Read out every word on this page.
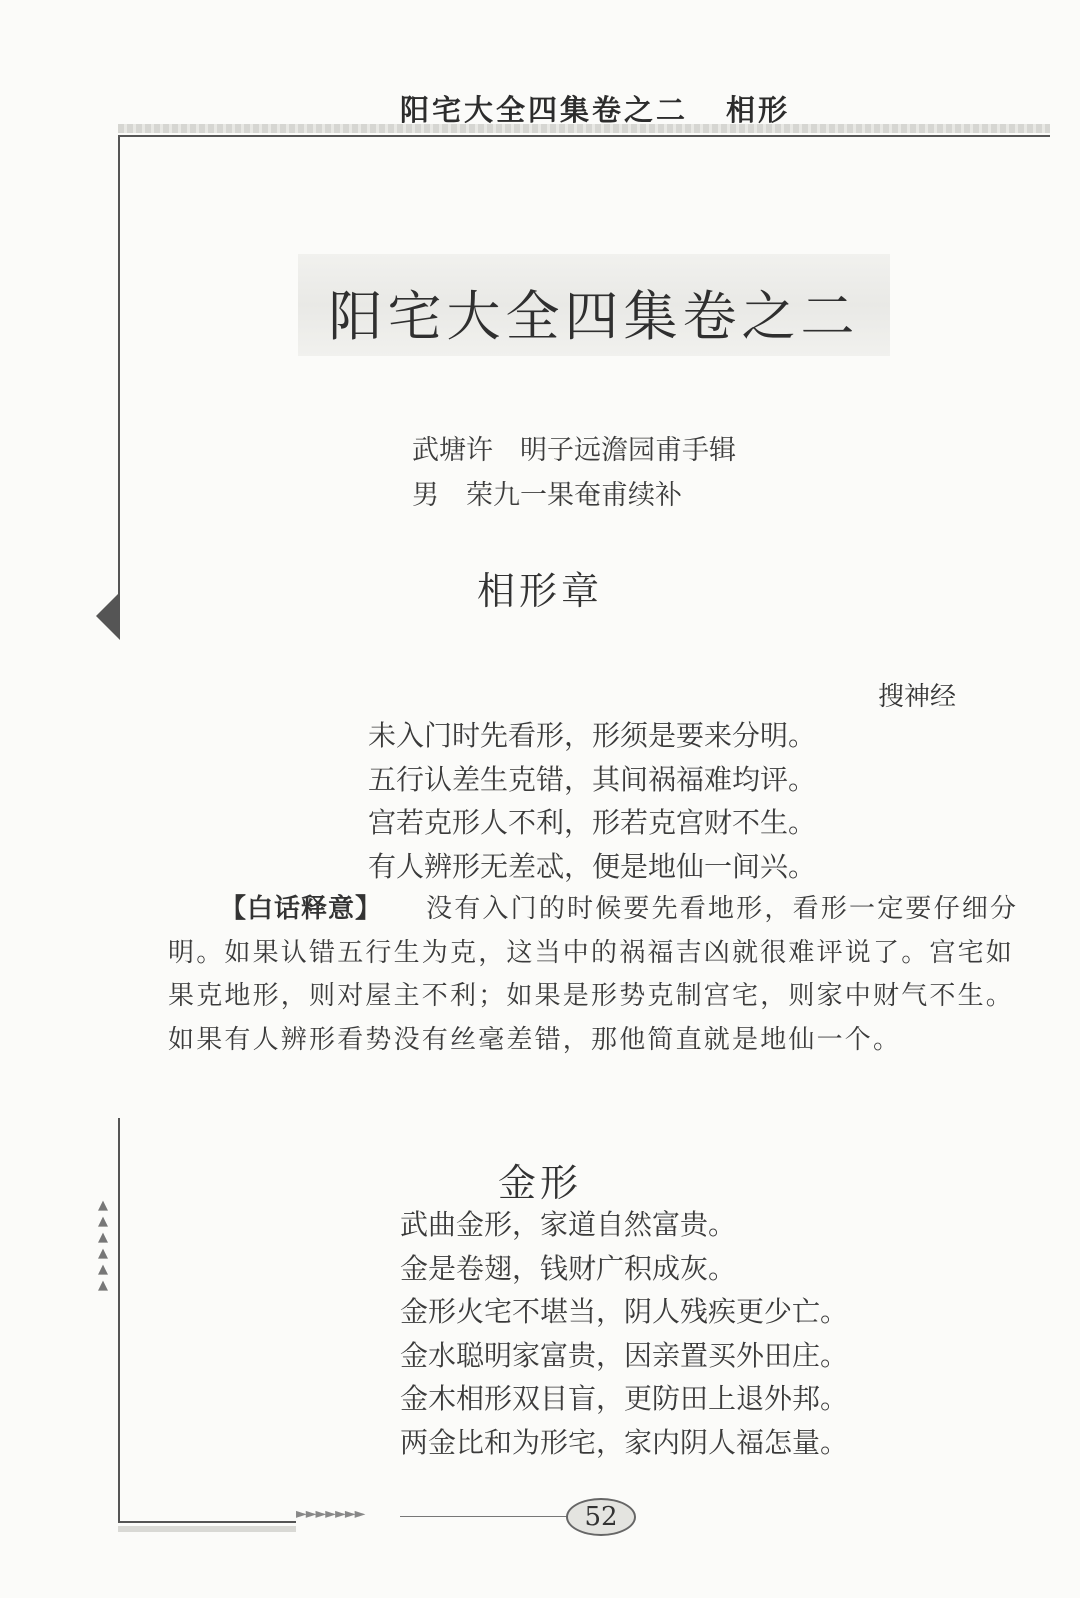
阳宅大全四集卷之二 相形
阳宅大全四集卷之二
武塘许　明子远澹园甫手辑
男　荣九一果奄甫续补
相形章
搜神经
未入门时先看形，形须是要来分明。
五行认差生克错，其间祸福难均评。
宫若克形人不利，形若克宫财不生。
有人辨形无差忒，便是地仙一间兴。
【白话释意】 没有入门的时候要先看地形，看形一定要仔细分明。如果认错五行生为克，这当中的祸福吉凶就很难评说了。宫宅如果克地形，则对屋主不利；如果是形势克制宫宅，则家中财气不生。如果有人辨形看势没有丝毫差错，那他简直就是地仙一个。
▲
▲
▲
▲
▲
▲
金形
武曲金形，家道自然富贵。
金是卷翅，钱财广积成灰。
金形火宅不堪当，阴人残疾更少亡。
金水聪明家富贵，因亲置买外田庄。
金木相形双目盲，更防田上退外邦。
两金比和为形宅，家内阴人福怎量。
►►►►►►►	52
